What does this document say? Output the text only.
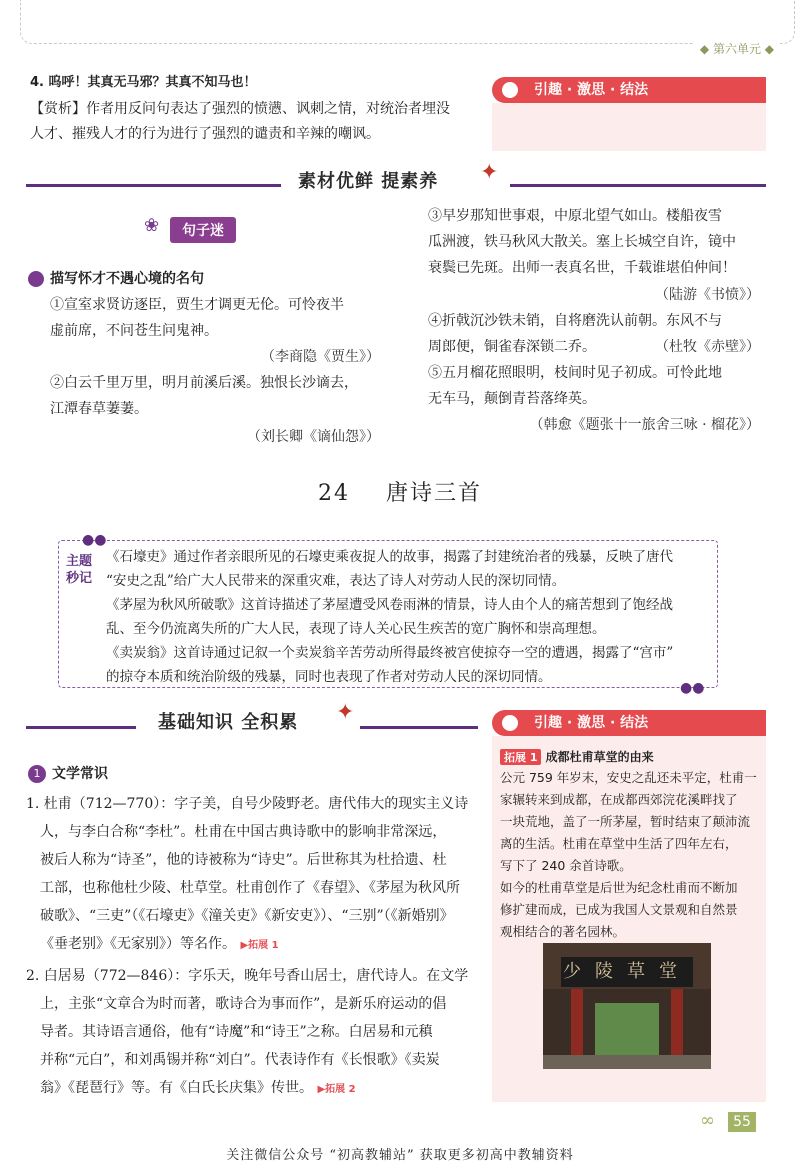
◆ 第六单元 ◆
4. 呜呼！其真无马邪？其真不知马也！
【赏析】作者用反问句表达了强烈的愤懑、讽刺之情，对统治者埋没
人才、摧残人才的行为进行了强烈的谴责和辛辣的嘲讽。
引趣 · 激思 · 结法
素材优鲜 提素养 ✦
❀	句子迷
描写怀才不遇心境的名句
①宣室求贤访逐臣，贾生才调更无伦。可怜夜半
虚前席，不问苍生问鬼神。
（李商隐《贾生》）
②白云千里万里，明月前溪后溪。独恨长沙谪去，
江潭春草萋萋。
（刘长卿《谪仙怨》）
③早岁那知世事艰，中原北望气如山。楼船夜雪
瓜洲渡，铁马秋风大散关。塞上长城空自许，镜中
衰鬓已先斑。出师一表真名世，千载谁堪伯仲间！
（陆游《书愤》）
④折戟沉沙铁未销，自将磨洗认前朝。东风不与
周郎便，铜雀春深锁二乔。	（杜牧《赤壁》）
⑤五月榴花照眼明，枝间时见子初成。可怜此地
无车马，颠倒青苔落绛英。
（韩愈《题张十一旅舍三咏 · 榴花》）
24 唐诗三首
●●
●●
主题秒记
《石壕吏》通过作者亲眼所见的石壕吏乘夜捉人的故事，揭露了封建统治者的残暴，反映了唐代
“安史之乱”给广大人民带来的深重灾难，表达了诗人对劳动人民的深切同情。
《茅屋为秋风所破歌》这首诗描述了茅屋遭受风卷雨淋的情景，诗人由个人的痛苦想到了饱经战
乱、至今仍流离失所的广大人民，表现了诗人关心民生疾苦的宽广胸怀和崇高理想。
《卖炭翁》这首诗通过记叙一个卖炭翁辛苦劳动所得最终被宫使掠夺一空的遭遇，揭露了“宫市”
的掠夺本质和统治阶级的残暴，同时也表现了作者对劳动人民的深切同情。
基础知识 全积累 ✦
1 文学常识
1. 杜甫（712—770）：字子美，自号少陵野老。唐代伟大的现实主义诗
人，与李白合称“李杜”。杜甫在中国古典诗歌中的影响非常深远，
被后人称为“诗圣”，他的诗被称为“诗史”。后世称其为杜拾遗、杜
工部，也称他杜少陵、杜草堂。杜甫创作了《春望》、《茅屋为秋风所
破歌》、“三吏”（《石壕吏》《潼关吏》《新安吏》）、“三别”（《新婚别》
《垂老别》《无家别》）等名作。 ▶拓展 1
2. 白居易（772—846）：字乐天，晚年号香山居士，唐代诗人。在文学
上，主张“文章合为时而著，歌诗合为事而作”，是新乐府运动的倡
导者。其诗语言通俗，他有“诗魔”和“诗王”之称。白居易和元稹
并称“元白”，和刘禹锡并称“刘白”。代表诗作有《长恨歌》《卖炭
翁》《琵琶行》等。有《白氏长庆集》传世。 ▶拓展 2
引趣 · 激思 · 结法
拓展 1 成都杜甫草堂的由来
公元 759 年岁末，安史之乱还未平定，杜甫一
家辗转来到成都，在成都西郊浣花溪畔找了
一块荒地，盖了一所茅屋，暂时结束了颠沛流
离的生活。杜甫在草堂中生活了四年左右，
写下了 240 余首诗歌。
如今的杜甫草堂是后世为纪念杜甫而不断加
修扩建而成，已成为我国人文景观和自然景
观相结合的著名园林。
少陵草堂
∞	55
关注微信公众号 “初高教辅站” 获取更多初高中教辅资料
